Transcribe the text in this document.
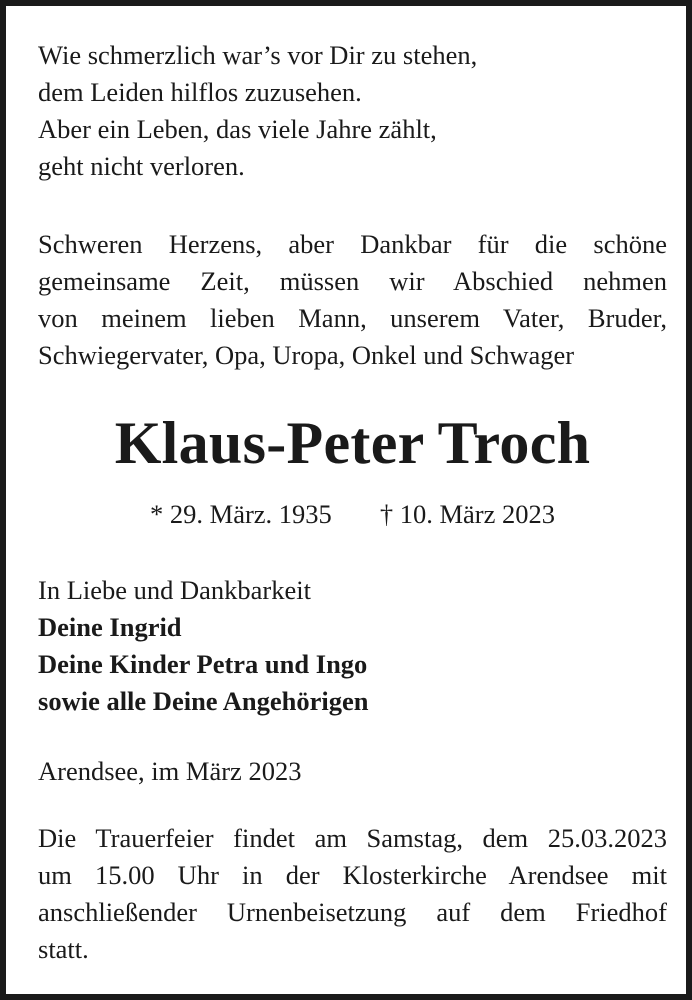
Wie schmerzlich war’s vor Dir zu stehen,

dem Leiden hilflos zuzusehen.

Aber ein Leben, das viele Jahre zählt,

geht nicht verloren.

Schweren Herzens, aber Dankbar für die schöne

gemeinsame Zeit, müssen wir Abschied nehmen

von meinem lieben Mann, unserem Vater, Bruder,

Schwiegervater, Opa, Uropa, Onkel und Schwager

Klaus-Peter Troch
* 29. März. 1935 † 10. März 2023

In Liebe und Dankbarkeit

Deine Ingrid

Deine Kinder Petra und Ingo

sowie alle Deine Angehörigen

Arendsee, im März 2023

Die Trauerfeier findet am Samstag, dem 25.03.2023

um 15.00 Uhr in der Klosterkirche Arendsee mit

anschließender Urnenbeisetzung auf dem Friedhof

statt.
